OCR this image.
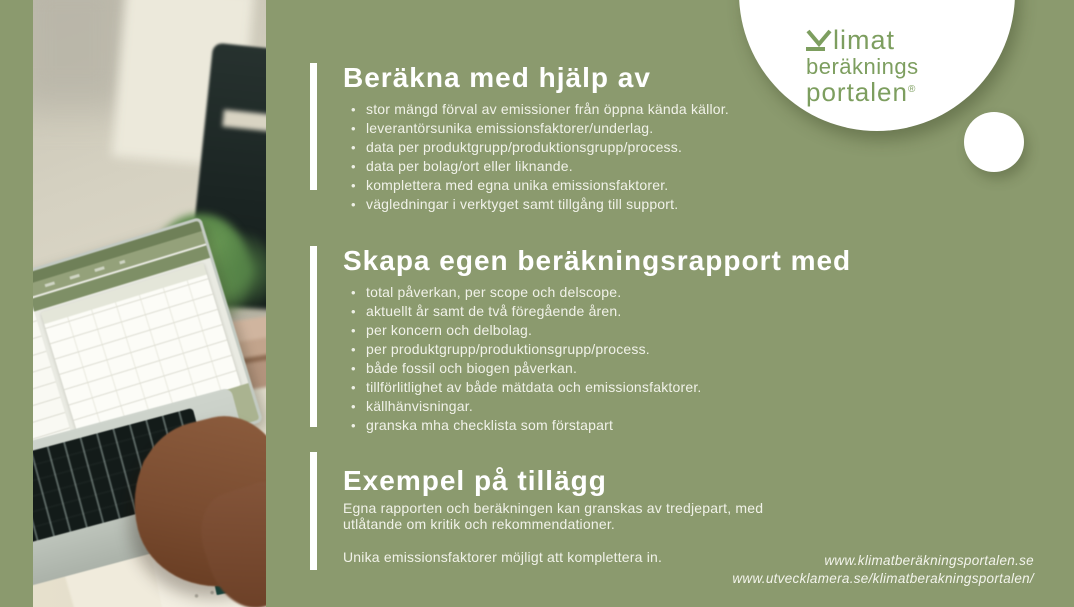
limat
beräknings
portalen®
Beräkna med hjälp av
• stor mängd förval av emissioner från öppna kända källor.
• leverantörsunika emissionsfaktorer/underlag.
• data per produktgrupp/produktionsgrupp/process.
• data per bolag/ort eller liknande.
• komplettera med egna unika emissionsfaktorer.
• vägledningar i verktyget samt tillgång till support.
Skapa egen beräkningsrapport med
• total påverkan, per scope och delscope.
• aktuellt år samt de två föregående åren.
• per koncern och delbolag.
• per produktgrupp/produktionsgrupp/process.
• både fossil och biogen påverkan.
• tillförlitlighet av både mätdata och emissionsfaktorer.
• källhänvisningar.
• granska mha checklista som förstapart
Exempel på tillägg

Egna rapporten och beräkningen kan granskas av tredjepart, med utlåtande om kritik och rekommendationer.

Unika emissionsfaktorer möjligt att komplettera in.	www.klimatberäkningsportalen.se
www.utvecklamera.se/klimatberakningsportalen/
